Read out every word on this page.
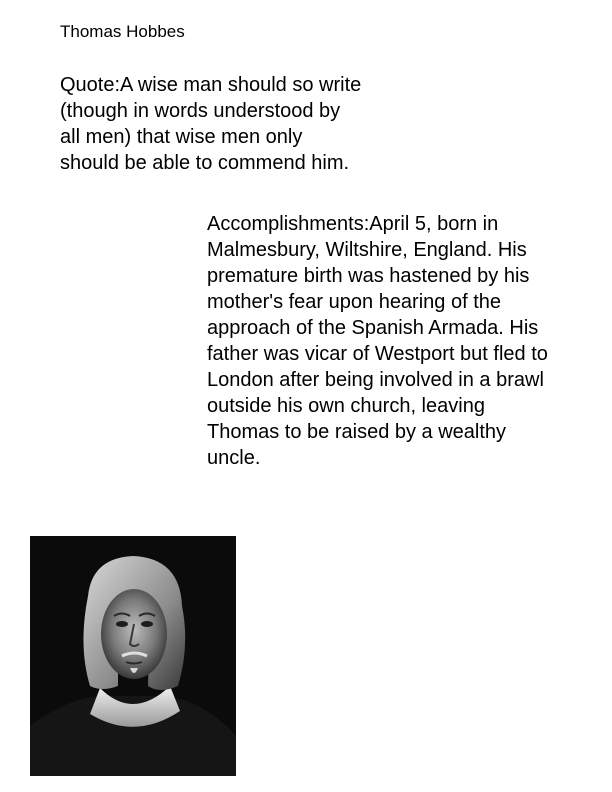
Thomas Hobbes
Quote:A wise man should so write
(though in words understood by
all men) that wise men only
should be able to commend him.
Accomplishments:April 5, born in
Malmesbury, Wiltshire, England. His
premature birth was hastened by his
mother's fear upon hearing of the
approach of the Spanish Armada. His
father was vicar of Westport but fled to
London after being involved in a brawl
outside his own church, leaving
Thomas to be raised by a wealthy
uncle.
